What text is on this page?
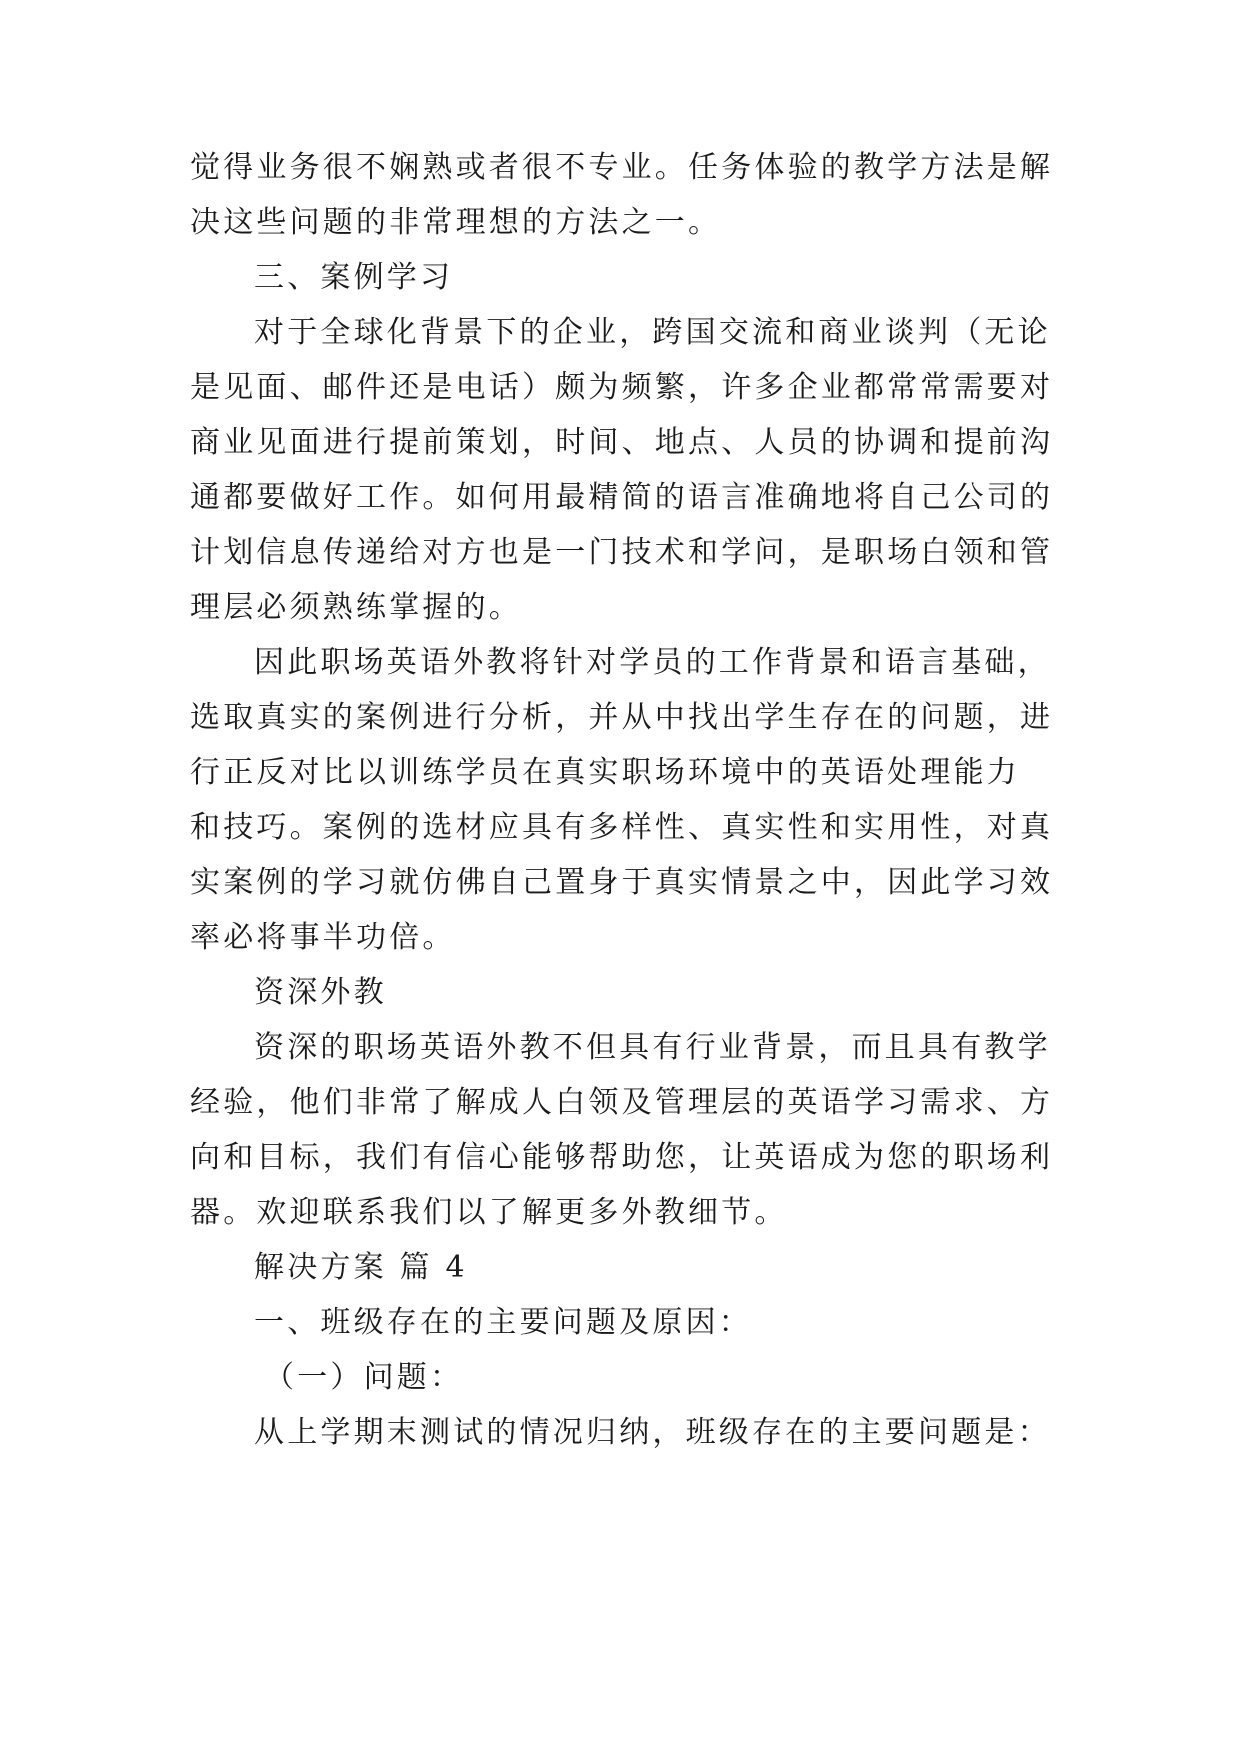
觉得业务很不娴熟或者很不专业。任务体验的教学方法是解
决这些问题的非常理想的方法之一。
三、案例学习
对于全球化背景下的企业，跨国交流和商业谈判（无论
是见面、邮件还是电话）颇为频繁，许多企业都常常需要对
商业见面进行提前策划，时间、地点、人员的协调和提前沟
通都要做好工作。如何用最精简的语言准确地将自己公司的
计划信息传递给对方也是一门技术和学问，是职场白领和管
理层必须熟练掌握的。
因此职场英语外教将针对学员的工作背景和语言基础，
选取真实的案例进行分析，并从中找出学生存在的问题，进
行正反对比以训练学员在真实职场环境中的英语处理能力
和技巧。案例的选材应具有多样性、真实性和实用性，对真
实案例的学习就仿佛自己置身于真实情景之中，因此学习效
率必将事半功倍。
资深外教
资深的职场英语外教不但具有行业背景，而且具有教学
经验，他们非常了解成人白领及管理层的英语学习需求、方
向和目标，我们有信心能够帮助您，让英语成为您的职场利
器。欢迎联系我们以了解更多外教细节。
解决方案 篇 4
一、班级存在的主要问题及原因：
（一）问题：
从上学期末测试的情况归纳，班级存在的主要问题是：
